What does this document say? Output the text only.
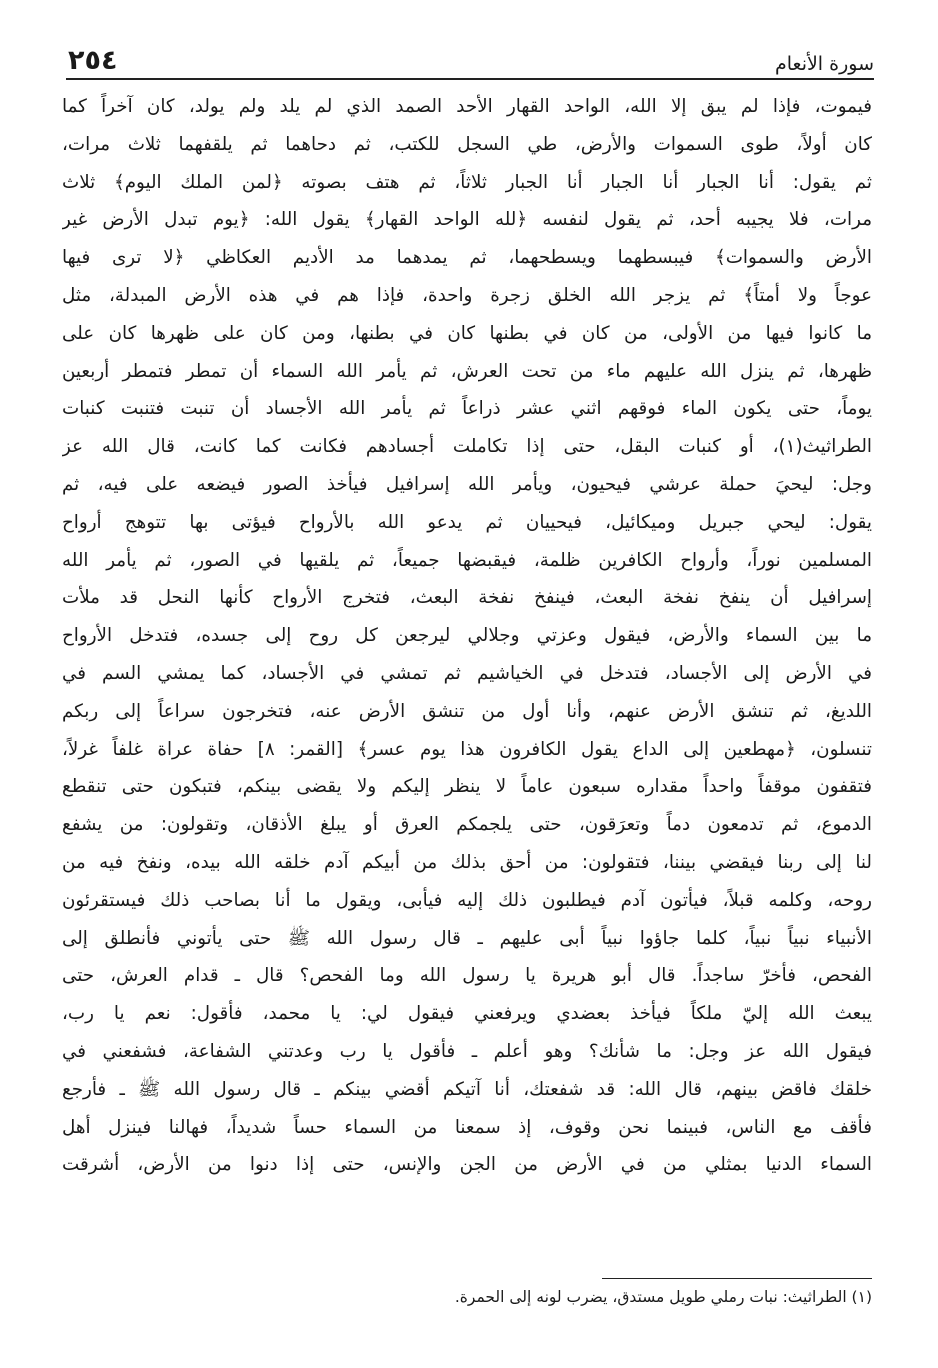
سورة الأنعام
٢٥٤
فيموت، فإذا لم يبق إلا الله، الواحد القهار الأحد الصمد الذي لم يلد ولم يولد، كان آخراً كما
كان أولاً، طوى السموات والأرض، طي السجل للكتب، ثم دحاهما ثم يلقفهما ثلاث مرات،
ثم يقول: أنا الجبار أنا الجبار أنا الجبار ثلاثاً، ثم هتف بصوته ﴿لمن الملك اليوم﴾ ثلاث
مرات، فلا يجيبه أحد، ثم يقول لنفسه ﴿لله الواحد القهار﴾ يقول الله: ﴿يوم تبدل الأرض غير
الأرض والسموات﴾ فيبسطهما ويسطحهما، ثم يمدهما مد الأديم العكاظي ﴿لا ترى فيها
عوجاً ولا أمتاً﴾ ثم يزجر الله الخلق زجرة واحدة، فإذا هم في هذه الأرض المبدلة، مثل
ما كانوا فيها من الأولى، من كان في بطنها كان في بطنها، ومن كان على ظهرها كان على
ظهرها، ثم ينزل الله عليهم ماء من تحت العرش، ثم يأمر الله السماء أن تمطر فتمطر أربعين
يوماً، حتى يكون الماء فوقهم اثني عشر ذراعاً ثم يأمر الله الأجساد أن تنبت فتنبت كنبات
الطراثيث(١)، أو كنبات البقل، حتى إذا تكاملت أجسادهم فكانت كما كانت، قال الله عز
وجل: ليحيَ حملة عرشي فيحيون، ويأمر الله إسرافيل فيأخذ الصور فيضعه على فيه، ثم
يقول: ليحي جبريل وميكائيل، فيحييان ثم يدعو الله بالأرواح فيؤتى بها تتوهج أرواح
المسلمين نوراً، وأرواح الكافرين ظلمة، فيقبضها جميعاً، ثم يلقيها في الصور، ثم يأمر الله
إسرافيل أن ينفخ نفخة البعث، فينفخ نفخة البعث، فتخرج الأرواح كأنها النحل قد ملأت
ما بين السماء والأرض، فيقول وعزتي وجلالي ليرجعن كل روح إلى جسده، فتدخل الأرواح
في الأرض إلى الأجساد، فتدخل في الخياشيم ثم تمشي في الأجساد، كما يمشي السم في
اللديغ، ثم تنشق الأرض عنهم، وأنا أول من تنشق الأرض عنه، فتخرجون سراعاً إلى ربكم
تنسلون، ﴿مهطعين إلى الداع يقول الكافرون هذا يوم عسر﴾ [القمر: ٨] حفاة عراة غلفاً غرلاً،
فتقفون موقفاً واحداً مقداره سبعون عاماً لا ينظر إليكم ولا يقضى بينكم، فتبكون حتى تنقطع
الدموع، ثم تدمعون دماً وتعرَقون، حتى يلجمكم العرق أو يبلغ الأذقان، وتقولون: من يشفع
لنا إلى ربنا فيقضي بيننا، فتقولون: من أحق بذلك من أبيكم آدم خلقه الله بيده، ونفخ فيه من
روحه، وكلمه قبلاً، فيأتون آدم فيطلبون ذلك إليه فيأبى، ويقول ما أنا بصاحب ذلك فيستقرئون
الأنبياء نبياً نبياً، كلما جاؤوا نبياً أبى عليهم ـ قال رسول الله ﷺ حتى يأتوني فأنطلق إلى
الفحص، فأخرّ ساجداً. قال أبو هريرة يا رسول الله وما الفحص؟ قال ـ قدام العرش، حتى
يبعث الله إليّ ملكاً فيأخذ بعضدي ويرفعني فيقول لي: يا محمد، فأقول: نعم يا رب،
فيقول الله عز وجل: ما شأنك؟ وهو أعلم ـ فأقول يا رب وعدتني الشفاعة، فشفعني في
خلقك فاقض بينهم، قال الله: قد شفعتك، أنا آتيكم أقضي بينكم ـ قال رسول الله ﷺ ـ فأرجع
فأقف مع الناس، فبينما نحن وقوف، إذ سمعنا من السماء حساً شديداً، فهالنا فينزل أهل
السماء الدنيا بمثلي من في الأرض من الجن والإنس، حتى إذا دنوا من الأرض، أشرقت
(١) الطراثيث: نبات رملي طويل مستدق، يضرب لونه إلى الحمرة.
